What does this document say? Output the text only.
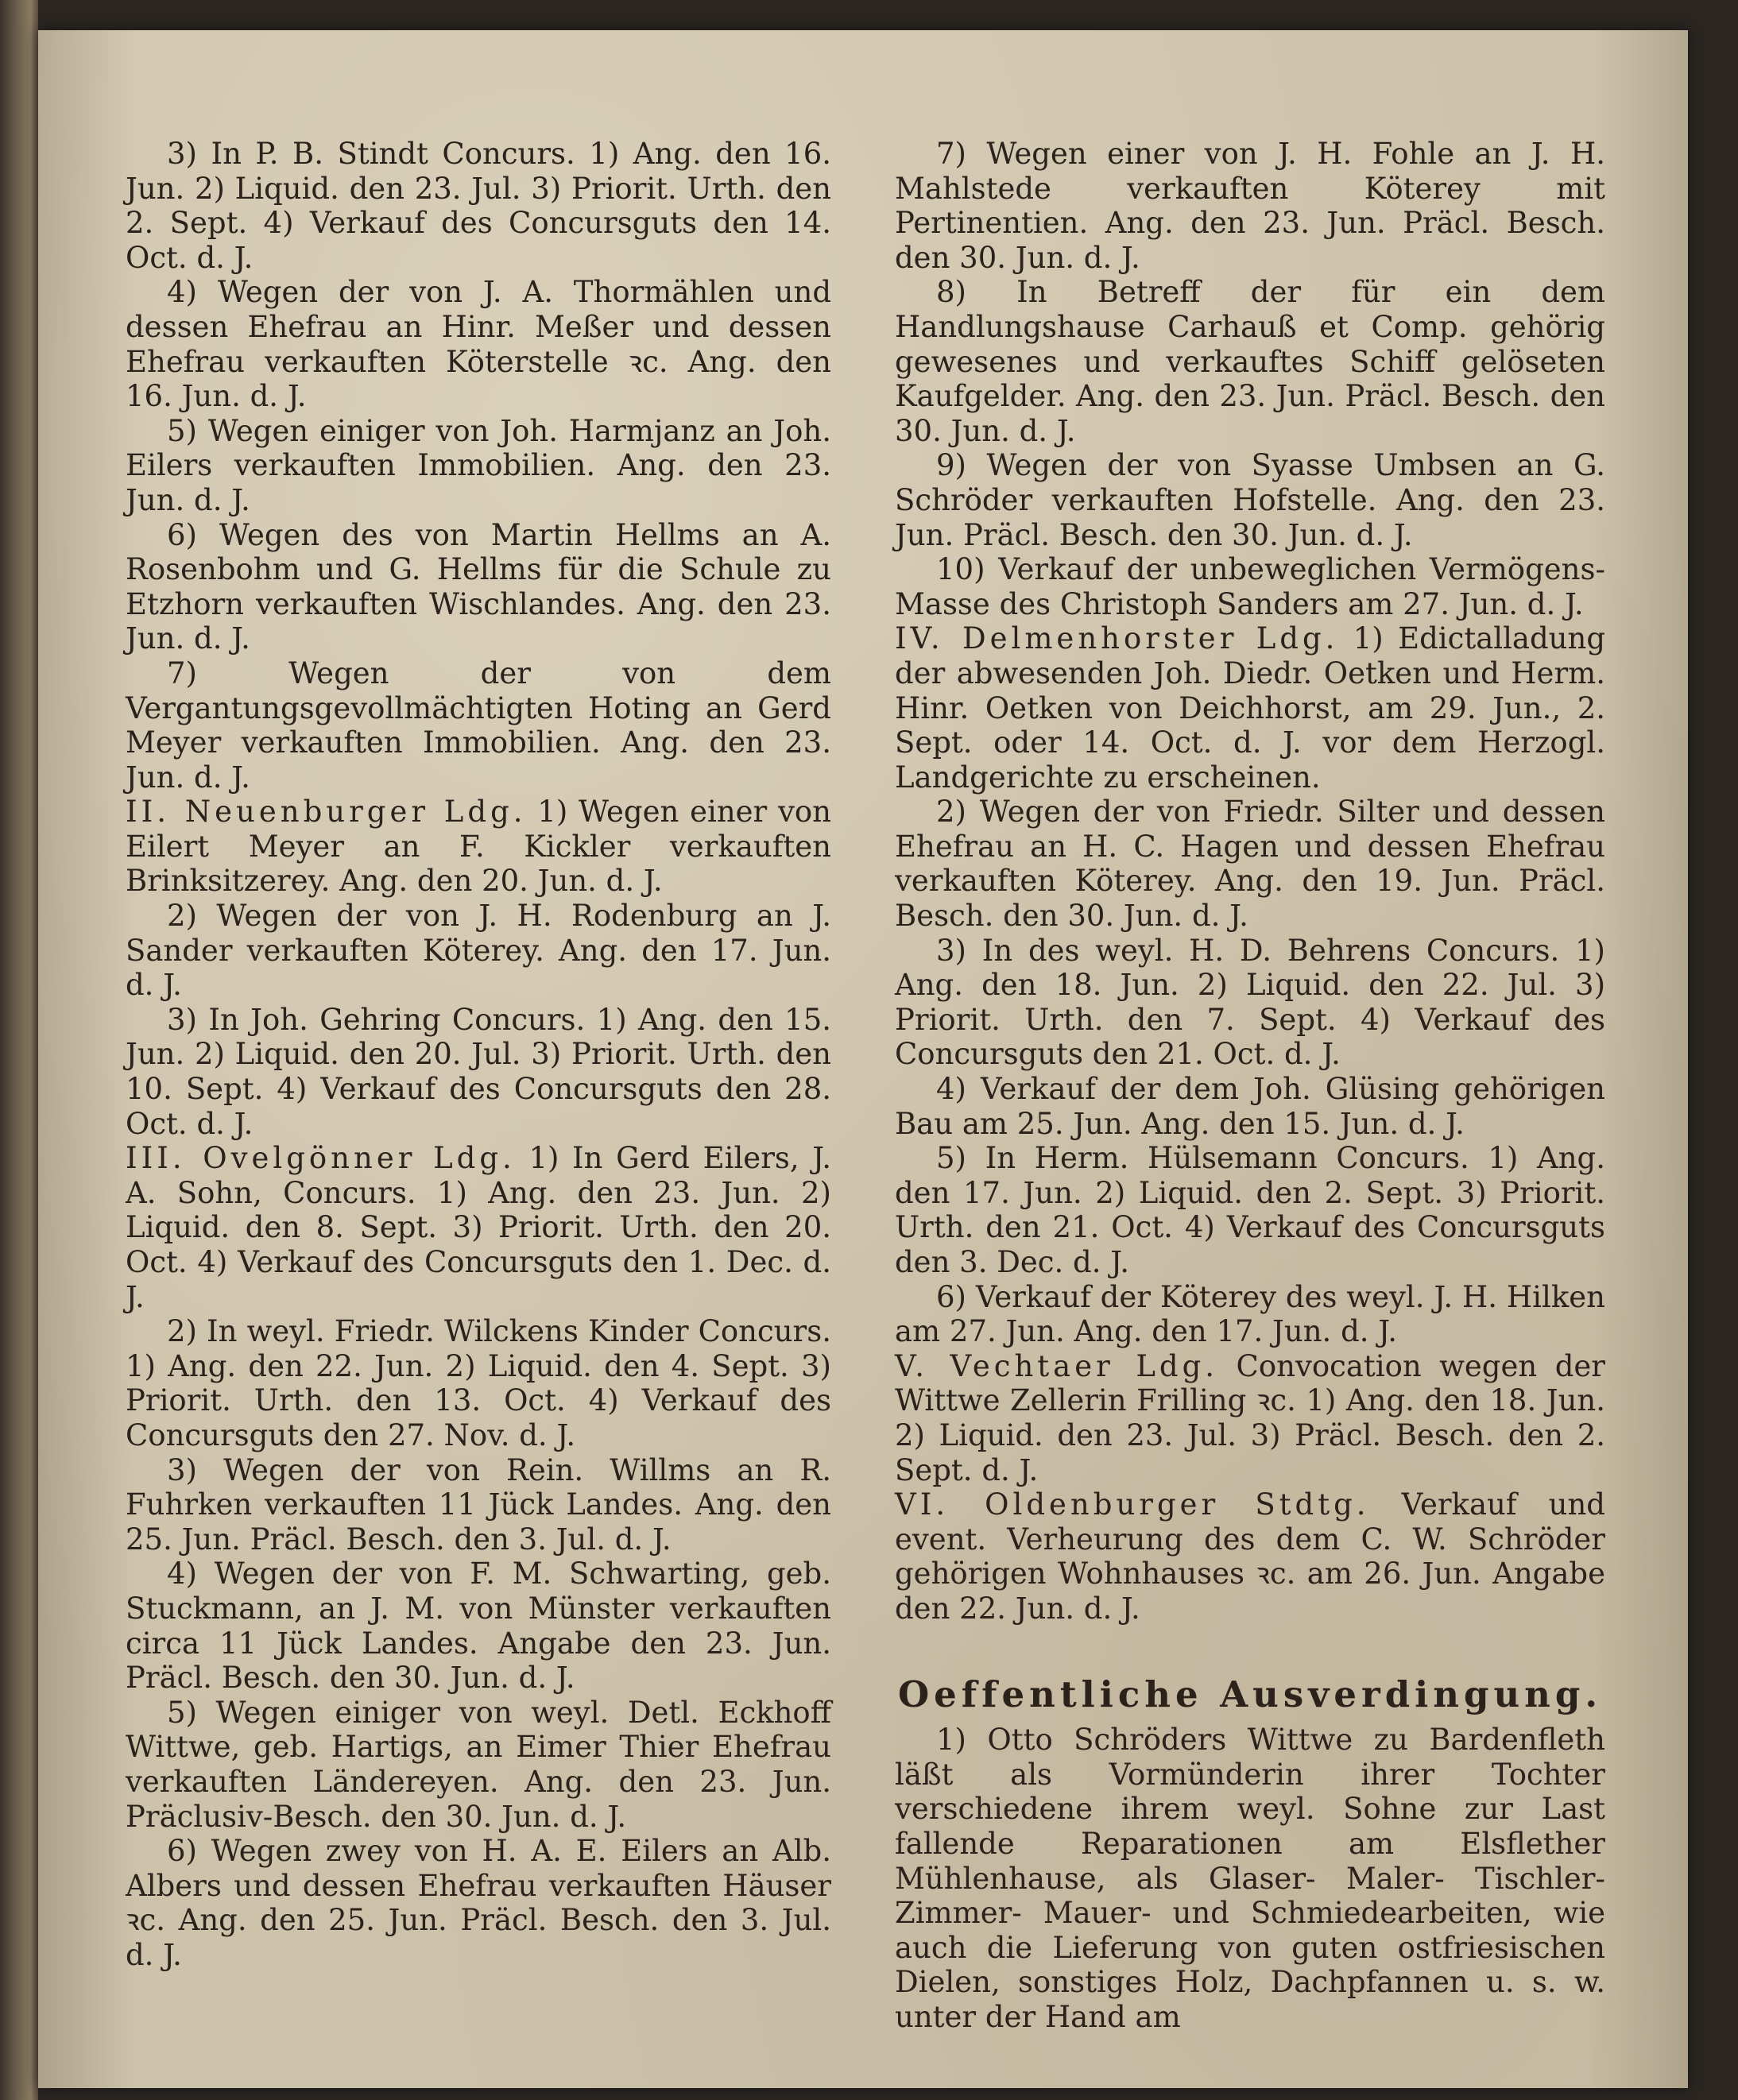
3) In P. B. Stindt Concurs. 1) Ang. den 16. Jun. 2) Liquid. den 23. Jul. 3) Priorit. Urth. den 2. Sept. 4) Verkauf des Concursguts den 14. Oct. d. J.

4) Wegen der von J. A. Thormählen und dessen Ehefrau an Hinr. Meßer und dessen Ehefrau verkauften Köterstelle ꝛc. Ang. den 16. Jun. d. J.

5) Wegen einiger von Joh. Harmjanz an Joh. Eilers verkauften Immobilien. Ang. den 23. Jun. d. J.

6) Wegen des von Martin Hellms an A. Rosenbohm und G. Hellms für die Schule zu Etzhorn verkauften Wischlandes. Ang. den 23. Jun. d. J.

7) Wegen der von dem Vergantungsgevollmächtigten Hoting an Gerd Meyer verkauften Immobilien. Ang. den 23. Jun. d. J.

II. Neuenburger Ldg. 1) Wegen einer von Eilert Meyer an F. Kickler verkauften Brinksitzerey. Ang. den 20. Jun. d. J.

2) Wegen der von J. H. Rodenburg an J. Sander verkauften Köterey. Ang. den 17. Jun. d. J.

3) In Joh. Gehring Concurs. 1) Ang. den 15. Jun. 2) Liquid. den 20. Jul. 3) Priorit. Urth. den 10. Sept. 4) Verkauf des Concursguts den 28. Oct. d. J.

III. Ovelgönner Ldg. 1) In Gerd Eilers, J. A. Sohn, Concurs. 1) Ang. den 23. Jun. 2) Liquid. den 8. Sept. 3) Priorit. Urth. den 20. Oct. 4) Verkauf des Concursguts den 1. Dec. d. J.

2) In weyl. Friedr. Wilckens Kinder Concurs. 1) Ang. den 22. Jun. 2) Liquid. den 4. Sept. 3) Priorit. Urth. den 13. Oct. 4) Verkauf des Concursguts den 27. Nov. d. J.

3) Wegen der von Rein. Willms an R. Fuhrken verkauften 11 Jück Landes. Ang. den 25. Jun. Präcl. Besch. den 3. Jul. d. J.

4) Wegen der von F. M. Schwarting, geb. Stuckmann, an J. M. von Münster verkauften circa 11 Jück Landes. Angabe den 23. Jun. Präcl. Besch. den 30. Jun. d. J.

5) Wegen einiger von weyl. Detl. Eckhoff Wittwe, geb. Hartigs, an Eimer Thier Ehefrau verkauften Ländereyen. Ang. den 23. Jun. Präclusiv-Besch. den 30. Jun. d. J.

6) Wegen zwey von H. A. E. Eilers an Alb. Albers und dessen Ehefrau verkauften Häuser ꝛc. Ang. den 25. Jun. Präcl. Besch. den 3. Jul. d. J.

7) Wegen einer von J. H. Fohle an J. H. Mahlstede verkauften Köterey mit Pertinentien. Ang. den 23. Jun. Präcl. Besch. den 30. Jun. d. J.

8) In Betreff der für ein dem Handlungshause Carhauß et Comp. gehörig gewesenes und verkauftes Schiff gelöseten Kaufgelder. Ang. den 23. Jun. Präcl. Besch. den 30. Jun. d. J.

9) Wegen der von Syasse Umbsen an G. Schröder verkauften Hofstelle. Ang. den 23. Jun. Präcl. Besch. den 30. Jun. d. J.

10) Verkauf der unbeweglichen Vermögens-Masse des Christoph Sanders am 27. Jun. d. J.

IV. Delmenhorster Ldg. 1) Edictalladung der abwesenden Joh. Diedr. Oetken und Herm. Hinr. Oetken von Deichhorst, am 29. Jun., 2. Sept. oder 14. Oct. d. J. vor dem Herzogl. Landgerichte zu erscheinen.

2) Wegen der von Friedr. Silter und dessen Ehefrau an H. C. Hagen und dessen Ehefrau verkauften Köterey. Ang. den 19. Jun. Präcl. Besch. den 30. Jun. d. J.

3) In des weyl. H. D. Behrens Concurs. 1) Ang. den 18. Jun. 2) Liquid. den 22. Jul. 3) Priorit. Urth. den 7. Sept. 4) Verkauf des Concursguts den 21. Oct. d. J.

4) Verkauf der dem Joh. Glüsing gehörigen Bau am 25. Jun. Ang. den 15. Jun. d. J.

5) In Herm. Hülsemann Concurs. 1) Ang. den 17. Jun. 2) Liquid. den 2. Sept. 3) Priorit. Urth. den 21. Oct. 4) Verkauf des Concursguts den 3. Dec. d. J.

6) Verkauf der Köterey des weyl. J. H. Hilken am 27. Jun. Ang. den 17. Jun. d. J.

V. Vechtaer Ldg. Convocation wegen der Wittwe Zellerin Frilling ꝛc. 1) Ang. den 18. Jun. 2) Liquid. den 23. Jul. 3) Präcl. Besch. den 2. Sept. d. J.

VI. Oldenburger Stdtg. Verkauf und event. Verheurung des dem C. W. Schröder gehörigen Wohnhauses ꝛc. am 26. Jun. Angabe den 22. Jun. d. J.

Oeffentliche Ausverdingung.

1) Otto Schröders Wittwe zu Bardenfleth läßt als Vormünderin ihrer Tochter verschiedene ihrem weyl. Sohne zur Last fallende Reparationen am Elsflether Mühlenhause, als Glaser- Maler- Tischler- Zimmer- Mauer- und Schmiedearbeiten, wie auch die Lieferung von guten ostfriesischen Dielen, sonstiges Holz, Dachpfannen u. s. w. unter der Hand am
